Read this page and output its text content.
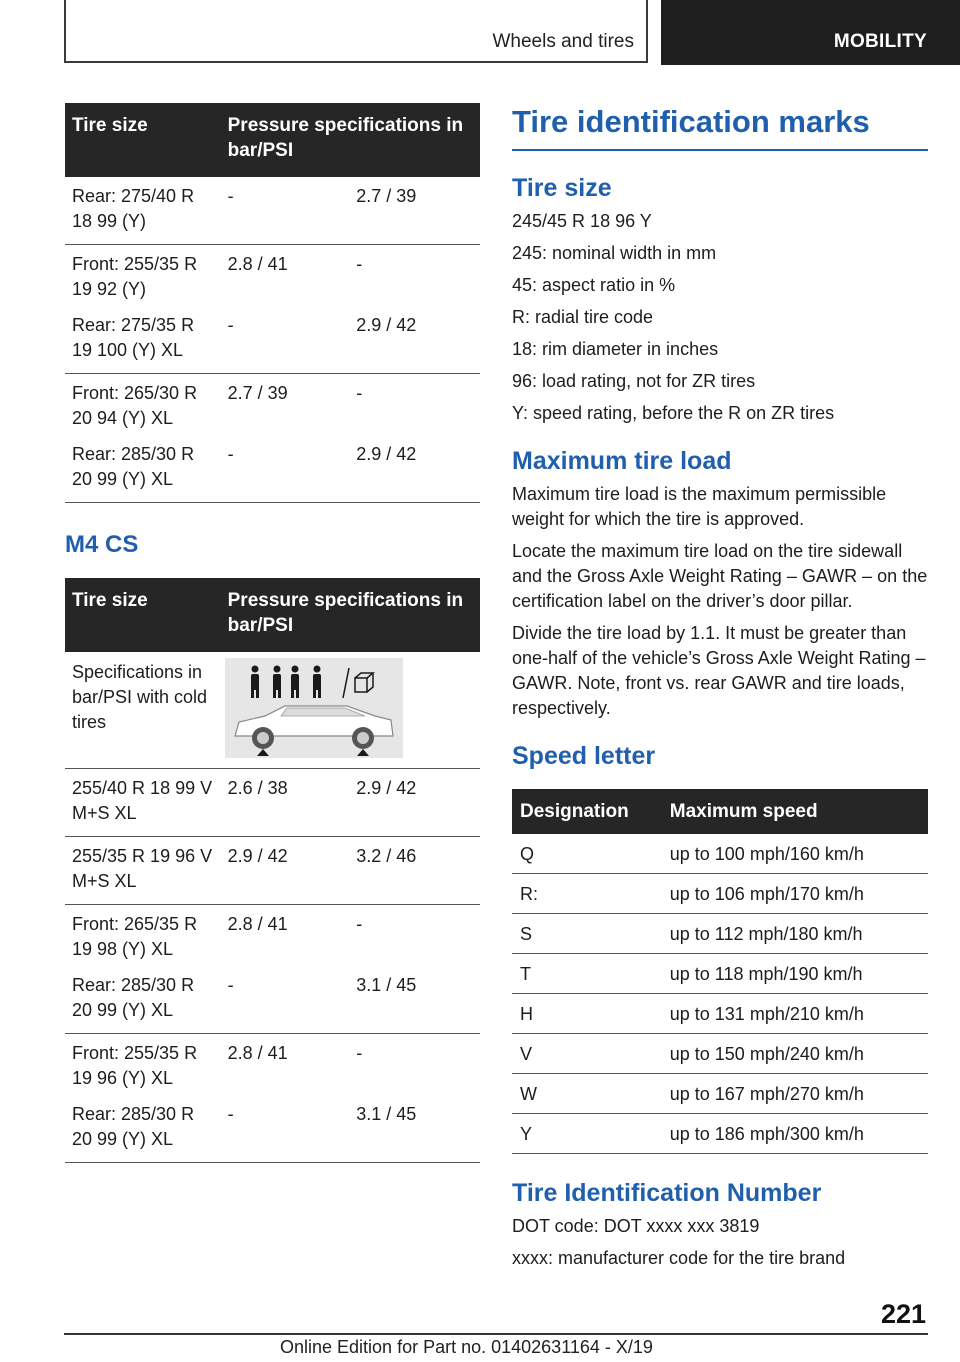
Wheels and tires	MOBILITY
Tire size	Pressure specifications in bar/PSI	
Rear: 275/40 R 18 99 (Y)	-	2.7 / 39
Front: 255/35 R 19 92 (Y)	2.8 / 41	-
Rear: 275/35 R 19 100 (Y) XL	-	2.9 / 42
Front: 265/30 R 20 94 (Y) XL	2.7 / 39	-
Rear: 285/30 R 20 99 (Y) XL	-	2.9 / 42
M4 CS
Tire size	Pressure specifications in bar/PSI	
Specifications in bar/PSI with cold tires	

255/40 R 18 99 V M+S XL	2.6 / 38	2.9 / 42
255/35 R 19 96 V M+S XL	2.9 / 42	3.2 / 46
Front: 265/35 R 19 98 (Y) XL	2.8 / 41	-
Rear: 285/30 R 20 99 (Y) XL	-	3.1 / 45
Front: 255/35 R 19 96 (Y) XL	2.8 / 41	-
Rear: 285/30 R 20 99 (Y) XL	-	3.1 / 45
Tire identification marks
Tire size

245/45 R 18 96 Y

245: nominal width in mm

45: aspect ratio in %

R: radial tire code

18: rim diameter in inches

96: load rating, not for ZR tires

Y: speed rating, before the R on ZR tires

Maximum tire load

Maximum tire load is the maximum permissible weight for which the tire is approved.

Locate the maximum tire load on the tire sidewall and the Gross Axle Weight Rating – GAWR – on the certification label on the driver’s door pillar.

Divide the tire load by 1.1. It must be greater than one-half of the vehicle’s Gross Axle Weight Rating – GAWR. Note, front vs. rear GAWR and tire loads, respectively.

Speed letter
Designation	Maximum speed
Q	up to 100 mph/160 km/h
R:	up to 106 mph/170 km/h
S	up to 112 mph/180 km/h
T	up to 118 mph/190 km/h
H	up to 131 mph/210 km/h
V	up to 150 mph/240 km/h
W	up to 167 mph/270 km/h
Y	up to 186 mph/300 km/h
Tire Identification Number

DOT code: DOT xxxx xxx 3819

xxxx: manufacturer code for the tire brand

221
Online Edition for Part no. 01402631164 - X/19
